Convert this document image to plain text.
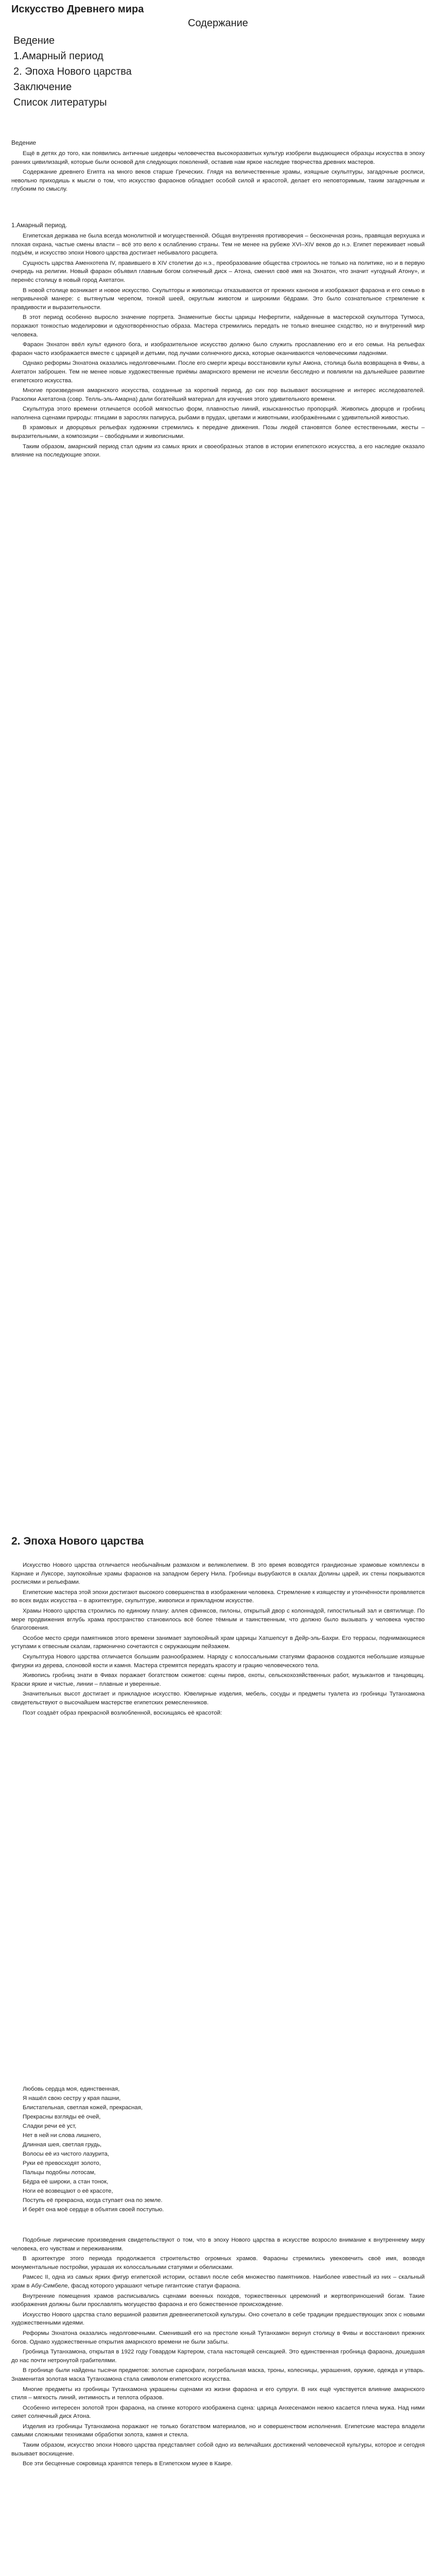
Искусство Древнего мира
Содержание
Ведение
1.Амарный период
2. Эпоха Нового царства
Заключение
Список литературы
Ведение

Ещё в детях до того, как появились античные шедевры человечества высокоразвитых культур изобрели выдающиеся образцы искусства в эпоху ранних цивилизаций, которые были основой для следующих поколений, оставив нам яркое наследие творчества древних мастеров.

Содержание древнего Египта на много веков старше Греческих. Глядя на величественные храмы, изящные скульптуры, загадочные росписи, невольно приходишь к мысли о том, что искусство фараонов обладает особой силой и красотой, делает его неповторимым, таким загадочным и глубоким по смыслу.

1.Амарный период.

Египетская держава не была всегда монолитной и могущественной. Общая внутренняя противоречия – бесконечная рознь, правящая верхушка и плохая охрана, частые смены власти – всё это вело к ослаблению страны. Тем не менее на рубеже XVI–XIV веков до н.э. Египет переживает новый подъём, и искусство эпохи Нового царства достигает небывалого расцвета.

Сущность царства Аменхотепа IV, правившего в XIV столетии до н.э., преобразование общества строилось не только на политике, но и в первую очередь на религии. Новый фараон объявил главным богом солнечный диск – Атона, сменил своё имя на Эхнатон, что значит «угодный Атону», и перенёс столицу в новый город Ахетатон.

В новой столице возникает и новое искусство. Скульпторы и живописцы отказываются от прежних канонов и изображают фараона и его семью в непривычной манере: с вытянутым черепом, тонкой шеей, округлым животом и широкими бёдрами. Это было сознательное стремление к правдивости и выразительности.

В этот период особенно выросло значение портрета. Знаменитые бюсты царицы Нефертити, найденные в мастерской скульптора Тутмоса, поражают тонкостью моделировки и одухотворённостью образа. Мастера стремились передать не только внешнее сходство, но и внутренний мир человека.

Фараон Эхнатон ввёл культ единого бога, и изобразительное искусство должно было служить прославлению его и его семьи. На рельефах фараон часто изображается вместе с царицей и детьми, под лучами солнечного диска, которые оканчиваются человеческими ладонями.

Однако реформы Эхнатона оказались недолговечными. После его смерти жрецы восстановили культ Амона, столица была возвращена в Фивы, а Ахетатон заброшен. Тем не менее новые художественные приёмы амарнского времени не исчезли бесследно и повлияли на дальнейшее развитие египетского искусства.

Многие произведения амарнского искусства, созданные за короткий период, до сих пор вызывают восхищение и интерес исследователей. Раскопки Ахетатона (совр. Телль-эль-Амарна) дали богатейший материал для изучения этого удивительного времени.

Скульптура этого времени отличается особой мягкостью форм, плавностью линий, изысканностью пропорций. Живопись дворцов и гробниц наполнена сценами природы: птицами в зарослях папируса, рыбами в прудах, цветами и животными, изображёнными с удивительной живостью.

В храмовых и дворцовых рельефах художники стремились к передаче движения. Позы людей становятся более естественными, жесты – выразительными, а композиции – свободными и живописными.

Таким образом, амарнский период стал одним из самых ярких и своеобразных этапов в истории египетского искусства, а его наследие оказало влияние на последующие эпохи.

2. Эпоха Нового царства

Искусство Нового царства отличается необычайным размахом и великолепием. В это время возводятся грандиозные храмовые комплексы в Карнаке и Луксоре, заупокойные храмы фараонов на западном берегу Нила. Гробницы вырубаются в скалах Долины царей, их стены покрываются росписями и рельефами.

Египетские мастера этой эпохи достигают высокого совершенства в изображении человека. Стремление к изяществу и утончённости проявляется во всех видах искусства – в архитектуре, скульптуре, живописи и прикладном искусстве.

Храмы Нового царства строились по единому плану: аллея сфинксов, пилоны, открытый двор с колоннадой, гипостильный зал и святилище. По мере продвижения вглубь храма пространство становилось всё более тёмным и таинственным, что должно было вызывать у человека чувство благоговения.

Особое место среди памятников этого времени занимает заупокойный храм царицы Хатшепсут в Дейр-эль-Бахри. Его террасы, поднимающиеся уступами к отвесным скалам, гармонично сочетаются с окружающим пейзажем.

Скульптура Нового царства отличается большим разнообразием. Наряду с колоссальными статуями фараонов создаются небольшие изящные фигурки из дерева, слоновой кости и камня. Мастера стремятся передать красоту и грацию человеческого тела.

Живопись гробниц знати в Фивах поражает богатством сюжетов: сцены пиров, охоты, сельскохозяйственных работ, музыкантов и танцовщиц. Краски яркие и чистые, линии – плавные и уверенные.

Значительных высот достигает и прикладное искусство. Ювелирные изделия, мебель, сосуды и предметы туалета из гробницы Тутанхамона свидетельствуют о высочайшем мастерстве египетских ремесленников.

Поэт создаёт образ прекрасной возлюбленной, восхищаясь её красотой:

Любовь сердца моя, единственная,
Я нашёл свою сестру у края пашни,
Блистательная, светлая кожей, прекрасная,
Прекрасны взгляды её очей,
Сладки речи её уст,
Нет в ней ни слова лишнего,
Длинная шея, светлая грудь,
Волосы её из чистого лазурита,
Руки её превосходят золото,
Пальцы подобны лотосам,
Бёдра её широки, а стан тонок,
Ноги её возвещают о её красоте,
Поступь её прекрасна, когда ступает она по земле.
И берёт она моё сердце в объятия своей поступью.

Подобные лирические произведения свидетельствуют о том, что в эпоху Нового царства в искусстве возросло внимание к внутреннему миру человека, его чувствам и переживаниям.

В архитектуре этого периода продолжается строительство огромных храмов. Фараоны стремились увековечить своё имя, возводя монументальные постройки, украшая их колоссальными статуями и обелисками.

Рамсес II, одна из самых ярких фигур египетской истории, оставил после себя множество памятников. Наиболее известный из них – скальный храм в Абу-Симбеле, фасад которого украшают четыре гигантские статуи фараона.

Внутренние помещения храмов расписывались сценами военных походов, торжественных церемоний и жертвоприношений богам. Такие изображения должны были прославлять могущество фараона и его божественное происхождение.

Искусство Нового царства стало вершиной развития древнеегипетской культуры. Оно сочетало в себе традиции предшествующих эпох с новыми художественными идеями.

Реформы Эхнатона оказались недолговечными. Сменивший его на престоле юный Тутанхамон вернул столицу в Фивы и восстановил прежних богов. Однако художественные открытия амарнского времени не были забыты.

Гробница Тутанхамона, открытая в 1922 году Говардом Картером, стала настоящей сенсацией. Это единственная гробница фараона, дошедшая до нас почти нетронутой грабителями.

В гробнице были найдены тысячи предметов: золотые саркофаги, погребальная маска, троны, колесницы, украшения, оружие, одежда и утварь. Знаменитая золотая маска Тутанхамона стала символом египетского искусства.

Многие предметы из гробницы Тутанхамона украшены сценами из жизни фараона и его супруги. В них ещё чувствуется влияние амарнского стиля – мягкость линий, интимность и теплота образов.

Особенно интересен золотой трон фараона, на спинке которого изображена сцена: царица Анхесенамон нежно касается плеча мужа. Над ними сияет солнечный диск Атона.

Изделия из гробницы Тутанхамона поражают не только богатством материалов, но и совершенством исполнения. Египетские мастера владели самыми сложными техниками обработки золота, камня и стекла.

Таким образом, искусство эпохи Нового царства представляет собой одно из величайших достижений человеческой культуры, которое и сегодня вызывает восхищение.

Все эти бесценные сокровища хранятся теперь в Египетском музее в Каире.
